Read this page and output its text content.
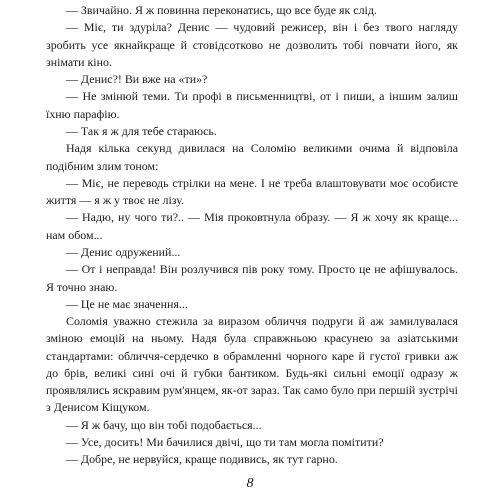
— Звичайно. Я ж повинна переконатись, що все буде як слід.

— Міє, ти здуріла? Денис — чудовий режисер, він і без твого нагляду зробить усе якнайкраще й стовідсотково не дозволить тобі повчати його, як знімати кіно.

— Денис?! Ви вже на «ти»?

— Не змінюй теми. Ти профі в письменництві, от і пиши, а іншим залиш їхню парафію.

— Так я ж для тебе стараюсь.

Надя кілька секунд дивилася на Соломію великими очима й відповіла подібним злим тоном:

— Міє, не переводь стрілки на мене. І не треба влаштовувати моє особисте життя — я ж у твоє не лізу.

— Надю, ну чого ти?.. — Мія проковтнула образу. — Я ж хочу як краще... нам обом...

— Денис одружений...

— От і неправда! Він розлучився пів року тому. Просто це не афішувалось. Я точно знаю.

— Це не має значення...

Соломія уважно стежила за виразом обличчя подруги й аж замилувалася зміною емоцій на ньому. Надя була справжньою красунею за азіатськими стандартами: обличчя-сердечко в обрамленні чорного каре й густої гривки аж до брів, великі сині очі й губки бантиком. Будь-які сильні емоції одразу ж проявлялись яскравим рум'янцем, як-от зараз. Так само було при першій зустрічі з Денисом Кіщуком.

— Я ж бачу, що він тобі подобається...

— Усе, досить! Ми бачилися двічі, що ти там могла помітити?

— Добре, не нервуйся, краще подивись, як тут гарно.

8
